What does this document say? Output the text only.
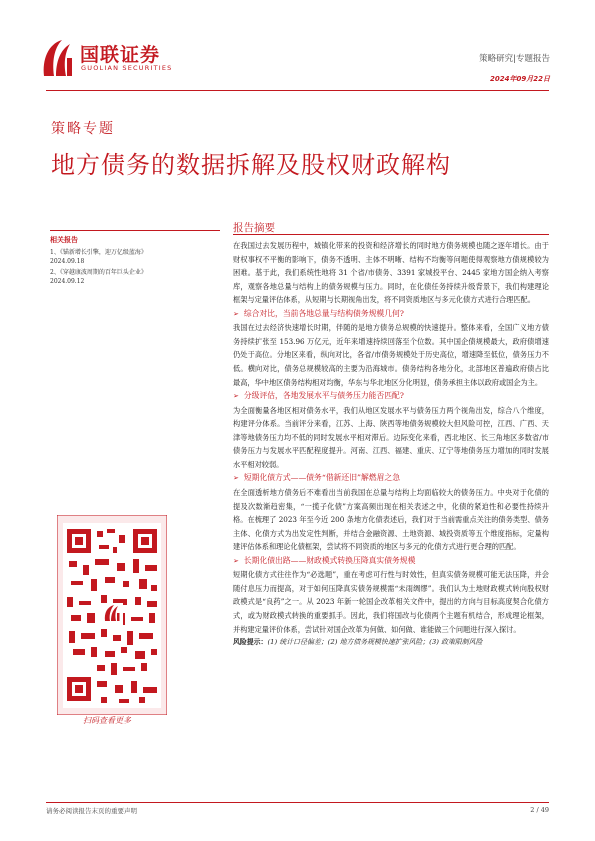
国联证券
GUOLIAN SECURITIES
策略研究|专题报告
2024年09月22日
策略专题
地方债务的数据拆解及股权财政解构
相关报告
1、《锚新增长引擎，迎万亿级蓝海》
2024.09.18
2、《穿越康波周期的百年巨头企业》
2024.09.12
扫码查看更多
报告摘要

在我国过去发展历程中，城镇化带来的投资和经济增长的同时地方债务规模也随之逐年增长。由于财权事权不平衡的影响下，债务不透明、主体不明晰、结构不均衡等问题使得观察地方债规模较为困难。基于此，我们系统性地将 31 个省/市债务、3391 家城投平台、2445 家地方国企纳入考察库，观察各地总量与结构上的债务规模与压力。同时，在化债任务持续升级背景下，我们构建理论框架与定量评估体系，从短期与长期视角出发，将不同资质地区与多元化债方式进行合理匹配。

➢ 综合对比，当前各地总量与结构债务规模几何?

我国在过去经济快速增长时期，伴随的是地方债务总规模的快速提升。整体来看，全国广义地方债务持续扩张至 153.96 万亿元，近年来增速持续回落至个位数。其中国企债规模最大，政府债增速仍处于高位。分地区来看，纵向对比，各省/市债务规模处于历史高位，增速降至低位，债务压力不低。横向对比，债务总规模较高的主要为沿海城市。债务结构各地分化，北部地区普遍政府债占比最高，华中地区债务结构相对均衡，华东与华北地区分化明显，债务承担主体以政府或国企为主。

➢ 分级评估，各地发展水平与债务压力能否匹配?

为全面衡量各地区相对债务水平，我们从地区发展水平与债务压力两个视角出发，综合八个维度，构建评分体系。当前评分来看，江苏、上海、陕西等地债务规模较大但风险可控，江西、广西、天津等地债务压力均不低的同时发展水平相对滞后。边际变化来看，西北地区、长三角地区多数省/市债务压力与发展水平匹配程度提升。河南、江西、福建、重庆、辽宁等地债务压力增加的同时发展水平相对较弱。

➢ 短期化债方式——债务“借新还旧”解燃眉之急

在全面透析地方债务后不难看出当前我国在总量与结构上均面临较大的债务压力。中央对于化债的提及次数渐趋密集，“一揽子化债”方案高频出现在相关表述之中，化债的紧迫性和必要性持续升格。在梳理了 2023 年至今近 200 条地方化债表述后，我们对于当前需重点关注的债务类型、债务主体、化债方式为出发定性判断，并结合金融资源、土地资源、城投资质等五个维度指标，定量构建评估体系和理论化债框架，尝试将不同资质的地区与多元的化债方式进行更合理的匹配。

➢ 长期化债出路——财政模式转换压降真实债务规模

短期化债方式往往作为“必选题”，重在考虑可行性与时效性，但真实债务规模可能无法压降，并会随付息压力而提高，对于如何压降真实债务规模需“未雨绸缪”。我们认为土地财政模式转向股权财政模式是“良药”之一。从 2023 年新一轮国企改革相关文件中，提出的方向与目标高度契合化债方式，或为财政模式转换的重要抓手。因此，我们将国改与化债两个主题有机结合，形成理论框架，并构建定量评价体系，尝试针对国企改革为何做、如何做、谁能做三个问题进行深入探讨。

风险提示：(1) 统计口径偏差；(2) 地方债务规模快速扩张风险；(3) 政策限制风险

请务必阅读报告末页的重要声明	2 / 49
